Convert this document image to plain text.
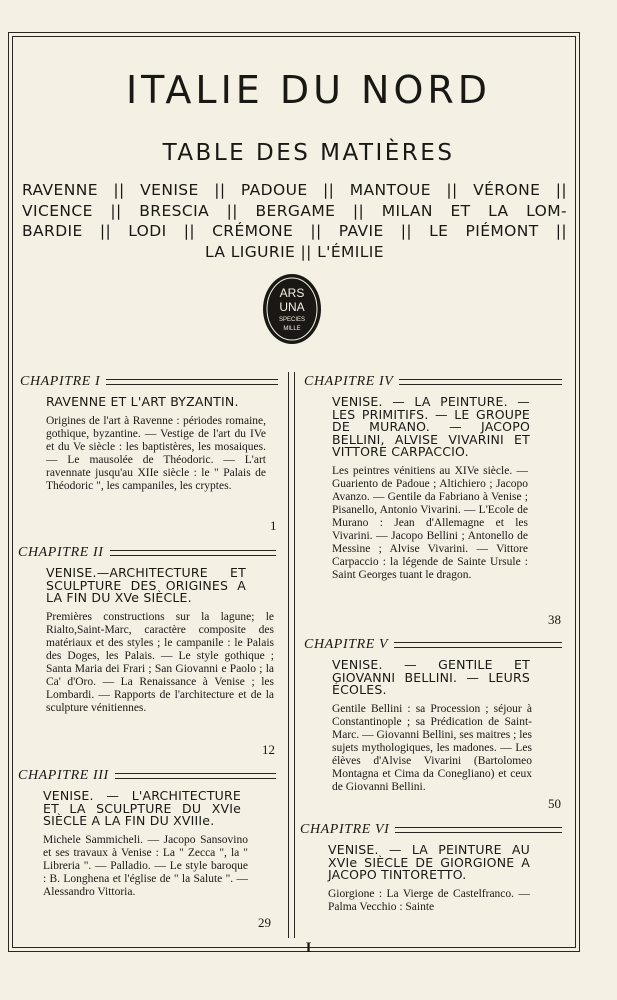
ITALIE DU NORD
TABLE DES MATIÈRES
RAVENNE || VENISE || PADOUE || MANTOUE || VÉRONE ||
VICENCE || BRESCIA || BERGAME || MILAN ET LA LOM-
BARDIE || LODI || CRÉMONE || PAVIE || LE PIÉMONT ||
LA LIGURIE || L'ÉMILIE
ARS
UNA
SPECIES
MILLE
CHAPITRE I
RAVENNE ET L'ART BYZANTIN.
Origines de l'art à Ravenne : périodes romaine, gothique, byzantine. — Vestige de l'art du IVe et du Ve siècle : les baptistères, les mosaiques. — Le mausolée de Théodoric. — L'art ravennate jusqu'au XIIe siècle : le " Palais de Théodoric ", les campaniles, les cryptes.
1
CHAPITRE II
VENISE.—ARCHITECTURE ET SCULPTURE DES ORIGINES A LA FIN DU XVe SIÈCLE.
Premières constructions sur la lagune; le Rialto,Saint-Marc, caractère composite des matériaux et des styles ; le campanile : le Palais des Doges, les Palais. — Le style gothique ; Santa Maria dei Frari ; San Giovanni e Paolo ; la Ca' d'Oro. — La Renaissance à Venise ; les Lombardi. — Rapports de l'architecture et de la sculpture vénitiennes.
12
CHAPITRE III
VENISE. — L'ARCHITECTURE ET LA SCULPTURE DU XVIe SIÈCLE A LA FIN DU XVIIIe.
Michele Sammicheli. — Jacopo Sansovino et ses travaux à Venise : La " Zecca ", la " Libreria ". — Palladio. — Le style baroque : B. Longhena et l'église de " la Salute ". — Alessandro Vittoria.
29
CHAPITRE IV
VENISE. — LA PEINTURE. — LES PRIMITIFS. — LE GROUPE DE MURANO. — JACOPO BELLINI, ALVISE VIVARINI ET VITTORE CARPACCIO.
Les peintres vénitiens au XIVe siècle. — Guariento de Padoue ; Altichiero ; Jacopo Avanzo. — Gentile da Fabriano à Venise ; Pisanello, Antonio Vivarini. — L'Ecole de Murano : Jean d'Allemagne et les Vivarini. — Jacopo Bellini ; Antonello de Messine ; Alvise Vivarini. — Vittore Carpaccio : la légende de Sainte Ursule : Saint Georges tuant le dragon.
38
CHAPITRE V
VENISE. — GENTILE ET GIOVANNI BELLINI. — LEURS ÉCOLES.
Gentile Bellini : sa Procession ; séjour à Constantinople ; sa Prédication de Saint-Marc. — Giovanni Bellini, ses maitres ; les sujets mythologiques, les madones. — Les élèves d'Alvise Vivarini (Bartolomeo Montagna et Cima da Conegliano) et ceux de Giovanni Bellini.
50
CHAPITRE VI
VENISE. — LA PEINTURE AU XVIe SIÈCLE DE GIORGIONE A JACOPO TINTORETTO.
Giorgione : La Vierge de Castelfranco. — Palma Vecchio : Sainte
I
